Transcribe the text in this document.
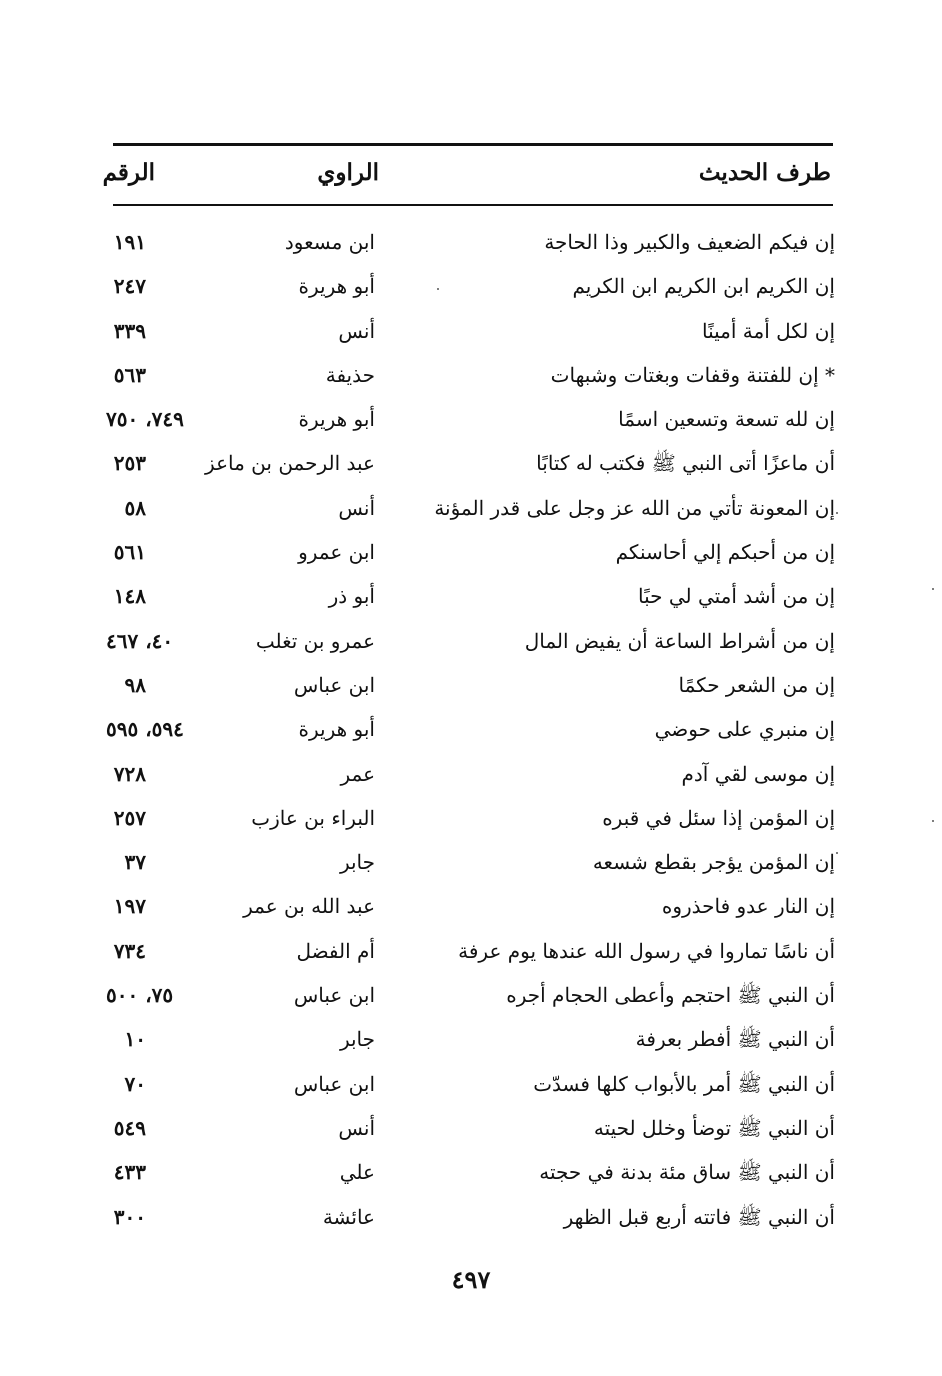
طرف الحديث
الراوي
الرقم
إن فيكم الضعيف والكبير وذا الحاجة
ابن مسعود
١٩١
إن الكريم ابن الكريم ابن الكريم
أبو هريرة
٢٤٧
إن لكل أمة أمينًا
أنس
٣٣٩
* إن للفتنة وقفات وبغتات وشبهات
حذيفة
٥٦٣
إن لله تسعة وتسعين اسمًا
أبو هريرة
٧٤٩، ٧٥٠
أن ماعزًا أتى النبي ﷺ فكتب له كتابًا
عبد الرحمن بن ماعز
٢٥٣
إن المعونة تأتي من الله عز وجل على قدر المؤنة
أنس
٥٨
إن من أحبكم إلي أحاسنكم
ابن عمرو
٥٦١
إن من أشد أمتي لي حبًا
أبو ذر
١٤٨
إن من أشراط الساعة أن يفيض المال
عمرو بن تغلب
٤٠، ٤٦٧
إن من الشعر حكمًا
ابن عباس
٩٨
إن منبري على حوضي
أبو هريرة
٥٩٤، ٥٩٥
إن موسى لقي آدم
عمر
٧٢٨
إن المؤمن إذا سئل في قبره
البراء بن عازب
٢٥٧
إن المؤمن يؤجر بقطع شسعه
جابر
٣٧
إن النار عدو فاحذروه
عبد الله بن عمر
١٩٧
أن ناسًا تماروا في رسول الله عندها يوم عرفة
أم الفضل
٧٣٤
أن النبي ﷺ احتجم وأعطى الحجام أجره
ابن عباس
٧٥، ٥٠٠
أن النبي ﷺ أفطر بعرفة
جابر
١٠
أن النبي ﷺ أمر بالأبواب كلها فسدّت
ابن عباس
٧٠
أن النبي ﷺ توضأ وخلل لحيته
أنس
٥٤٩
أن النبي ﷺ ساق مئة بدنة في حجته
علي
٤٣٣
أن النبي ﷺ فاتته أربع قبل الظهر
عائشة
٣٠٠
٤٩٧
